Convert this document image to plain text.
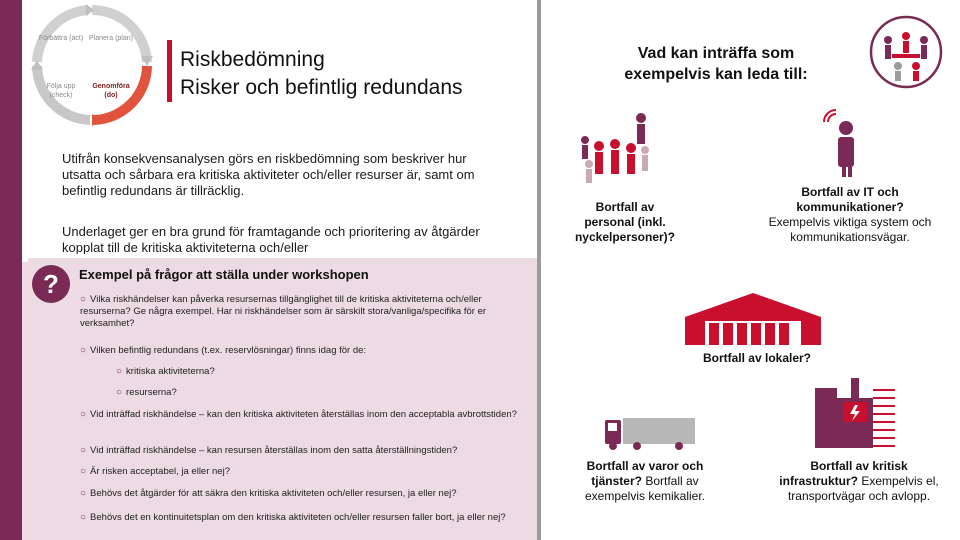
Förbättra (act) Planera (plan)
Följa upp (check)
Genomföra (do)
Riskbedömning
Risker och befintlig redundans
Utifrån konsekvensanalysen görs en riskbedömning som beskriver hur utsatta och sårbara era kritiska aktiviteter och/eller resurser är, samt om befintlig redundans är tillräcklig.
Underlaget ger en bra grund för framtagande och prioritering av åtgärder kopplat till de kritiska aktiviteterna och/eller
?	Exempel på frågor att ställa under workshopen
○ Vilka riskhändelser kan påverka resursernas tillgänglighet till de kritiska aktiviteterna och/eller resurserna? Ge några exempel. Har ni riskhändelser som är särskilt stora/vanliga/specifika för er verksamhet?
○ Vilken befintlig redundans (t.ex. reservlösningar) finns idag för de:
○ kritiska aktiviteterna?
○ resurserna?
○ Vid inträffad riskhändelse – kan den kritiska aktiviteten återställas inom den acceptabla avbrottstiden?
○ Vid inträffad riskhändelse – kan resursen återställas inom den satta återställningstiden?
○ Är risken acceptabel, ja eller nej?
○ Behövs det åtgärder för att säkra den kritiska aktiviteten och/eller resursen, ja eller nej?
○ Behövs det en kontinuitetsplan om den kritiska aktiviteten och/eller resursen faller bort, ja eller nej?
Vad kan inträffa som
exempelvis kan leda till:
Bortfall av
personal (inkl.
nyckelpersoner)?
Bortfall av IT och
kommunikationer?
Exempelvis viktiga system och kommunikationsvägar.
Bortfall av lokaler?
Bortfall av varor och tjänster? Bortfall av exempelvis kemikalier.
Bortfall av kritisk infrastruktur? Exempelvis el, transportvägar och avlopp.
